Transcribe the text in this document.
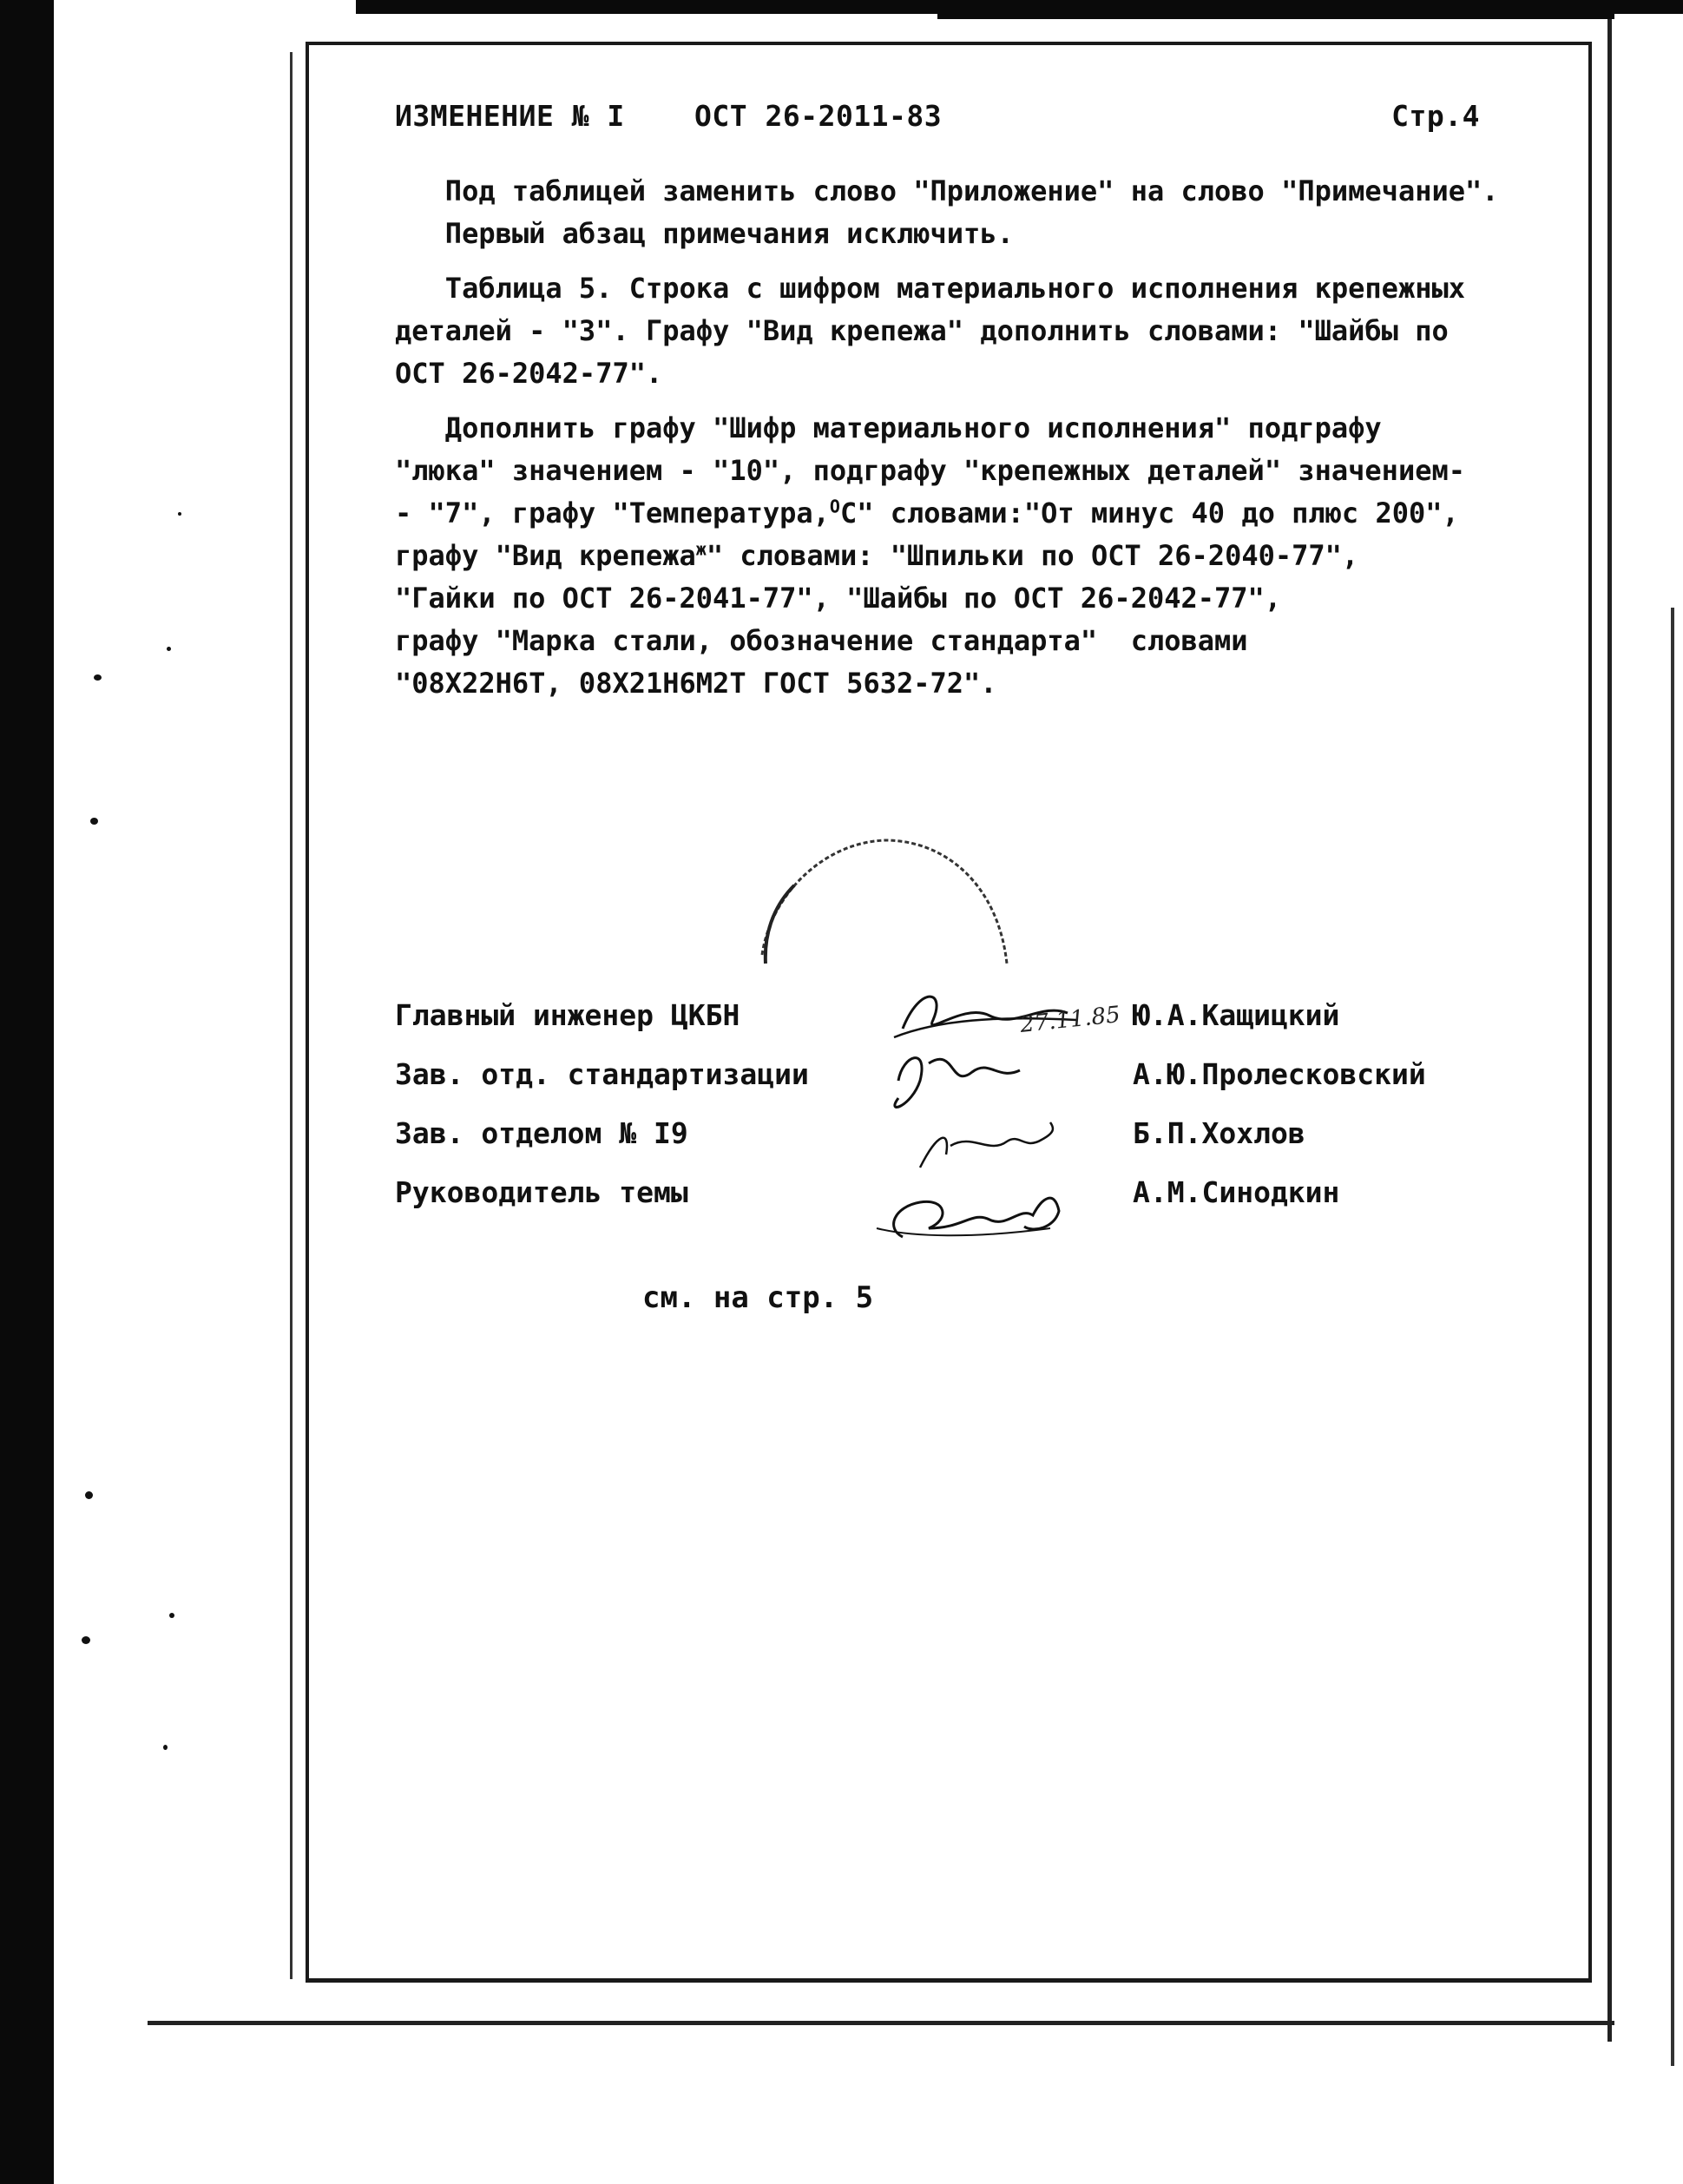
ИЗМЕНЕНИЕ № I ОСТ 26-2011-83	Стр.4
Под таблицей заменить слово "Приложение" на слово "Примечание".
Первый абзац примечания исключить.
Таблица 5. Строка с шифром материального исполнения крепежных
деталей - "3". Графу "Вид крепежа" дополнить словами: "Шайбы по
ОСТ 26-2042-77".
Дополнить графу "Шифр материального исполнения" подграфу
"люка" значением - "10", подграфу "крепежных деталей" значением-
- "7", графу "Температура,$^О$С" словами:"От минус 40 до плюс 200",
графу "Вид крепежа$^ж$" словами: "Шпильки по ОСТ 26-2040-77",
"Гайки по ОСТ 26-2041-77", "Шайбы по ОСТ 26-2042-77",
графу "Марка стали, обозначение стандарта"  словами
"08Х22Н6Т, 08Х21Н6М2Т ГОСТ 5632-72".
Главный инженер ЦКБН	Ю.А.Кащицкий
Зав. отд. стандартизации	А.Ю.Пролесковский
Зав. отделом № I9	Б.П.Хохлов
Руководитель темы	А.М.Синодкин
27.11.85
см. на стр. 5
